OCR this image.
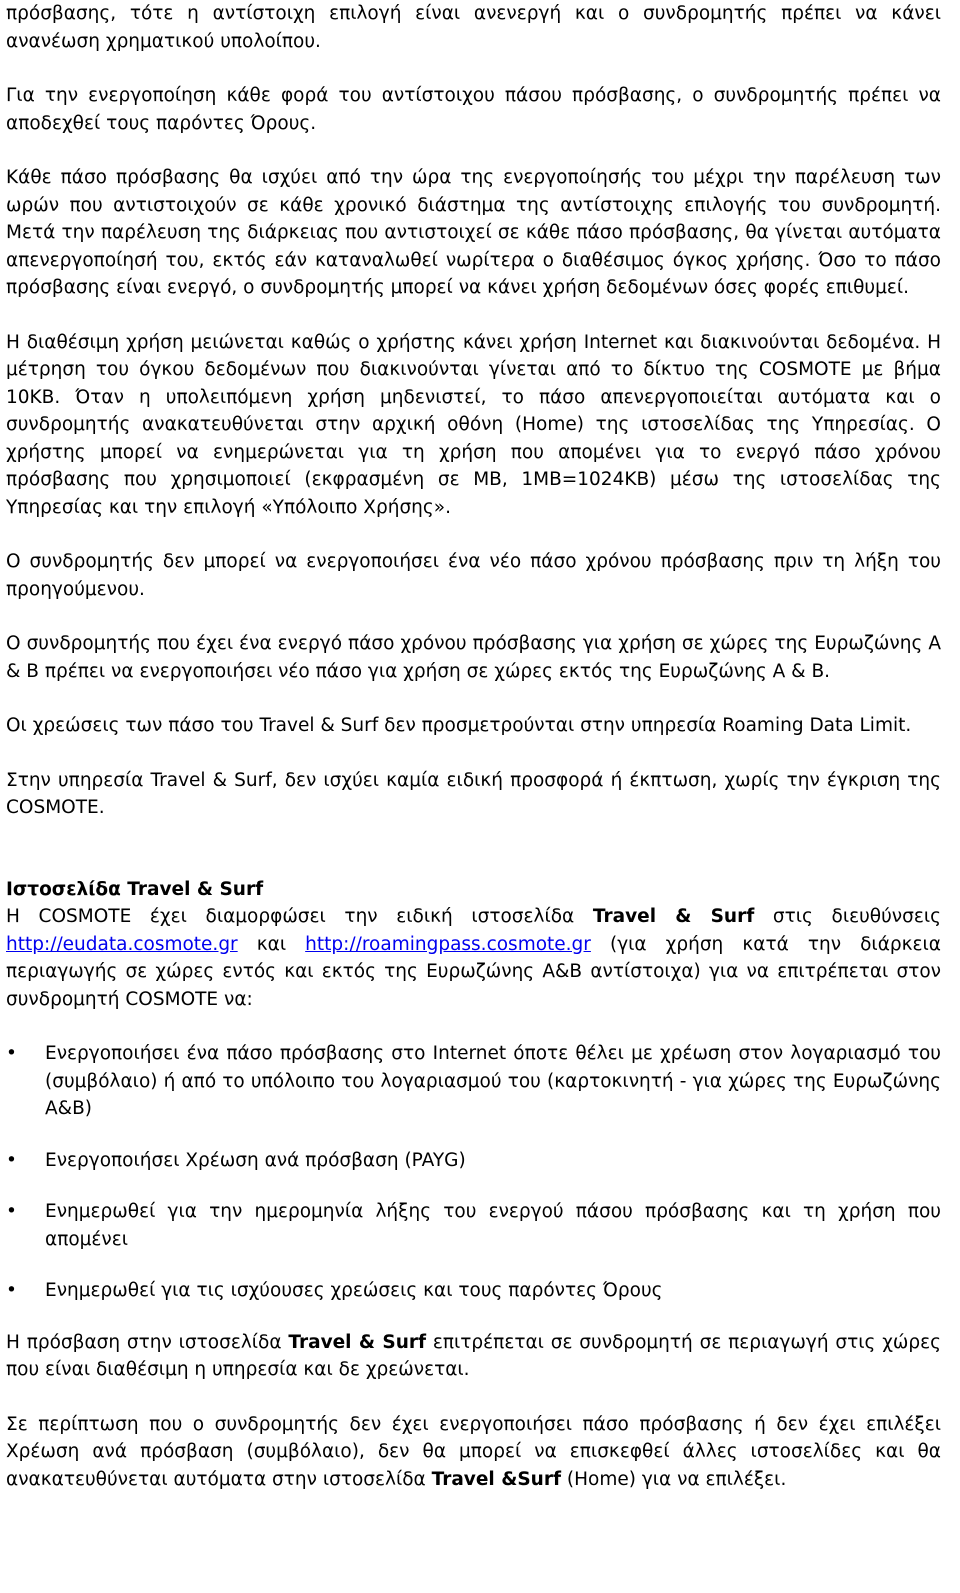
πρόσβασης, τότε η αντίστοιχη επιλογή είναι ανενεργή και ο συνδρομητής πρέπει να κάνει ανανέωση χρηματικού υπολοίπου.

Για την ενεργοποίηση κάθε φορά του αντίστοιχου πάσου πρόσβασης, ο συνδρομητής πρέπει να αποδεχθεί τους παρόντες Όρους.

Κάθε πάσο πρόσβασης θα ισχύει από την ώρα της ενεργοποίησής του μέχρι την παρέλευση των ωρών που αντιστοιχούν σε κάθε χρονικό διάστημα της αντίστοιχης επιλογής του συνδρομητή. Μετά την παρέλευση της διάρκειας που αντιστοιχεί σε κάθε πάσο πρόσβασης, θα γίνεται αυτόματα απενεργοποίησή του, εκτός εάν καταναλωθεί νωρίτερα ο διαθέσιμος όγκος χρήσης. Όσο το πάσο πρόσβασης είναι ενεργό, ο συνδρομητής μπορεί να κάνει χρήση δεδομένων όσες φορές επιθυμεί.

Η διαθέσιμη χρήση μειώνεται καθώς ο χρήστης κάνει χρήση Internet και διακινούνται δεδομένα. Η μέτρηση του όγκου δεδομένων που διακινούνται γίνεται από το δίκτυο της COSMOTE με βήμα 10KB. Όταν η υπολειπόμενη χρήση μηδενιστεί, το πάσο απενεργοποιείται αυτόματα και ο συνδρομητής ανακατευθύνεται στην αρχική οθόνη (Home) της ιστοσελίδας της Υπηρεσίας. Ο χρήστης μπορεί να ενημερώνεται για τη χρήση που απομένει για το ενεργό πάσο χρόνου πρόσβασης που χρησιμοποιεί (εκφρασμένη σε MB, 1MB=1024KB) μέσω της ιστοσελίδας της Υπηρεσίας και την επιλογή «Υπόλοιπο Χρήσης».

Ο συνδρομητής δεν μπορεί να ενεργοποιήσει ένα νέο πάσο χρόνου πρόσβασης πριν τη λήξη του προηγούμενου.

Ο συνδρομητής που έχει ένα ενεργό πάσο χρόνου πρόσβασης για χρήση σε χώρες της Ευρωζώνης Α & Β πρέπει να ενεργοποιήσει νέο πάσο για χρήση σε χώρες εκτός της Ευρωζώνης Α & Β.

Οι χρεώσεις των πάσο του Travel & Surf δεν προσμετρούνται στην υπηρεσία Roaming Data Limit.

Στην υπηρεσία Travel & Surf, δεν ισχύει καμία ειδική προσφορά ή έκπτωση, χωρίς την έγκριση της COSMOTE.

Ιστοσελίδα Travel & Surf

Η COSMOTE έχει διαμορφώσει την ειδική ιστοσελίδα Travel & Surf στις διευθύνσεις http://eudata.cosmote.gr και http://roamingpass.cosmote.gr (για χρήση κατά την διάρκεια περιαγωγής σε χώρες εντός και εκτός της Ευρωζώνης Α&Β αντίστοιχα) για να επιτρέπεται στον συνδρομητή COSMOTE να:

• Ενεργοποιήσει ένα πάσο πρόσβασης στο Internet όποτε θέλει με χρέωση στον λογαριασμό του (συμβόλαιο) ή από το υπόλοιπο του λογαριασμού του (καρτοκινητή - για χώρες της Ευρωζώνης Α&Β)
• Ενεργοποιήσει Χρέωση ανά πρόσβαση (PAYG)
• Ενημερωθεί για την ημερομηνία λήξης του ενεργού πάσου πρόσβασης και τη χρήση που απομένει
• Ενημερωθεί για τις ισχύουσες χρεώσεις και τους παρόντες Όρους

Η πρόσβαση στην ιστοσελίδα Travel & Surf επιτρέπεται σε συνδρομητή σε περιαγωγή στις χώρες που είναι διαθέσιμη η υπηρεσία και δε χρεώνεται.

Σε περίπτωση που ο συνδρομητής δεν έχει ενεργοποιήσει πάσο πρόσβασης ή δεν έχει επιλέξει Χρέωση ανά πρόσβαση (συμβόλαιο), δεν θα μπορεί να επισκεφθεί άλλες ιστοσελίδες και θα ανακατευθύνεται αυτόματα στην ιστοσελίδα Travel &Surf (Home) για να επιλέξει.
